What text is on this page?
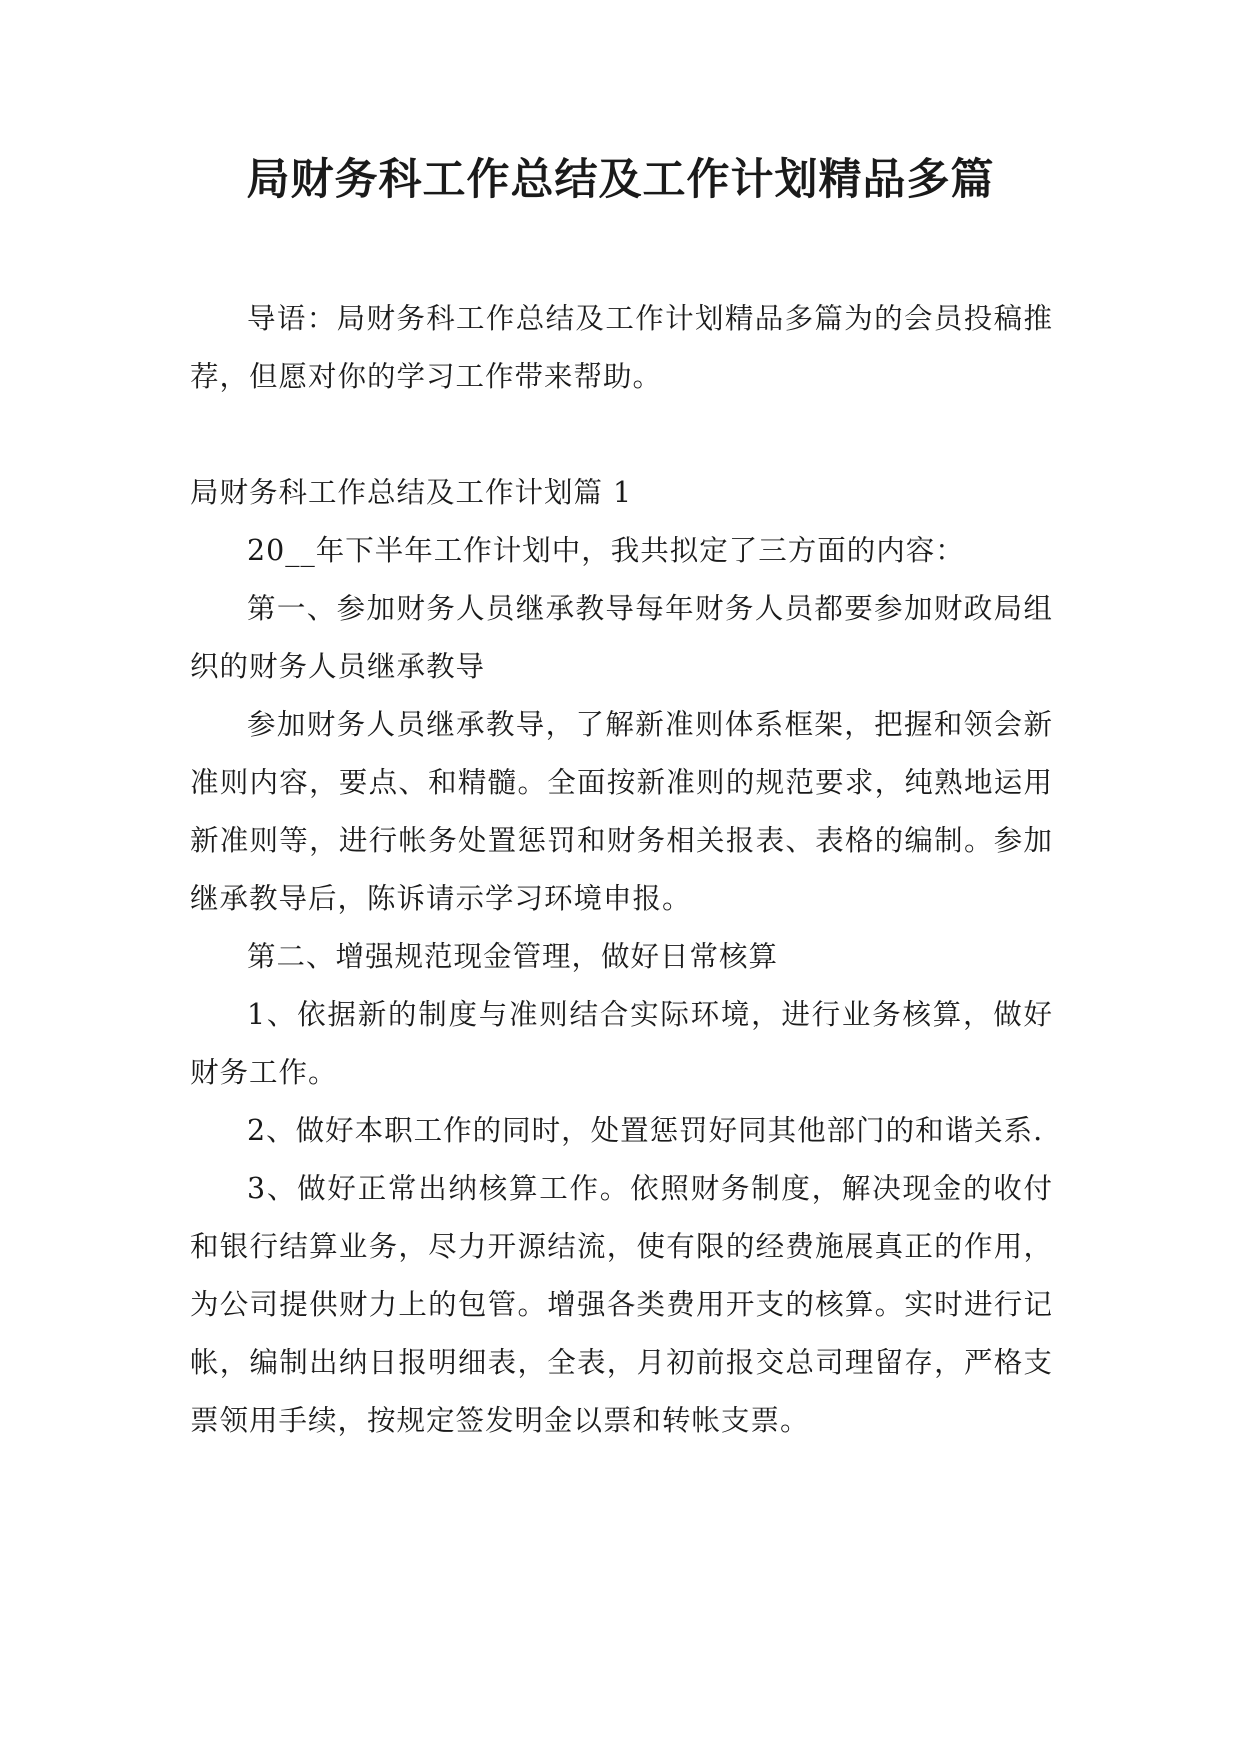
局财务科工作总结及工作计划精品多篇

导语：局财务科工作总结及工作计划精品多篇为的会员投稿推荐，但愿对你的学习工作带来帮助。

局财务科工作总结及工作计划篇 1

20__年下半年工作计划中，我共拟定了三方面的内容：

第一、参加财务人员继承教导每年财务人员都要参加财政局组织的财务人员继承教导

参加财务人员继承教导，了解新准则体系框架，把握和领会新准则内容，要点、和精髓。全面按新准则的规范要求，纯熟地运用新准则等，进行帐务处置惩罚和财务相关报表、表格的编制。参加继承教导后，陈诉请示学习环境申报。

第二、增强规范现金管理，做好日常核算

1、依据新的制度与准则结合实际环境，进行业务核算，做好财务工作。

2、做好本职工作的同时，处置惩罚好同其他部门的和谐关系.

3、做好正常出纳核算工作。依照财务制度，解决现金的收付和银行结算业务，尽力开源结流，使有限的经费施展真正的作用，为公司提供财力上的包管。增强各类费用开支的核算。实时进行记帐，编制出纳日报明细表，全表，月初前报交总司理留存，严格支票领用手续，按规定签发明金以票和转帐支票。
